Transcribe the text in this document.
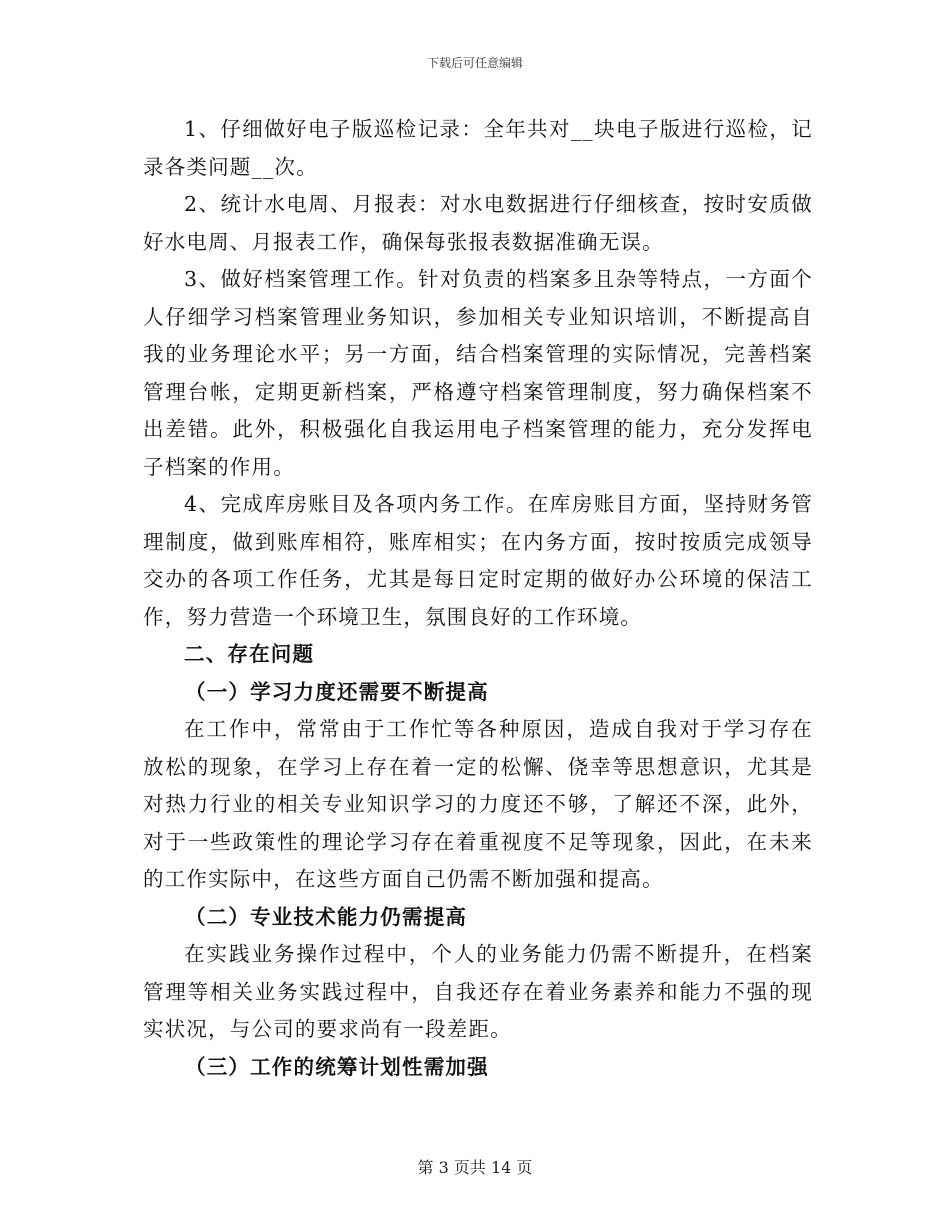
下载后可任意编辑

1、仔细做好电子版巡检记录：全年共对__块电子版进行巡检，记录各类问题__次。

2、统计水电周、月报表：对水电数据进行仔细核查，按时安质做好水电周、月报表工作，确保每张报表数据准确无误。

3、做好档案管理工作。针对负责的档案多且杂等特点，一方面个人仔细学习档案管理业务知识，参加相关专业知识培训，不断提高自我的业务理论水平；另一方面，结合档案管理的实际情况，完善档案管理台帐，定期更新档案，严格遵守档案管理制度，努力确保档案不出差错。此外，积极强化自我运用电子档案管理的能力，充分发挥电子档案的作用。

4、完成库房账目及各项内务工作。在库房账目方面，坚持财务管理制度，做到账库相符，账库相实；在内务方面，按时按质完成领导交办的各项工作任务，尤其是每日定时定期的做好办公环境的保洁工作，努力营造一个环境卫生，氛围良好的工作环境。

二、存在问题

（一）学习力度还需要不断提高

在工作中，常常由于工作忙等各种原因，造成自我对于学习存在放松的现象，在学习上存在着一定的松懈、侥幸等思想意识，尤其是对热力行业的相关专业知识学习的力度还不够，了解还不深，此外，对于一些政策性的理论学习存在着重视度不足等现象，因此，在未来的工作实际中，在这些方面自己仍需不断加强和提高。

（二）专业技术能力仍需提高

在实践业务操作过程中，个人的业务能力仍需不断提升，在档案管理等相关业务实践过程中，自我还存在着业务素养和能力不强的现实状况，与公司的要求尚有一段差距。

（三）工作的统筹计划性需加强

第 3 页共 14 页
